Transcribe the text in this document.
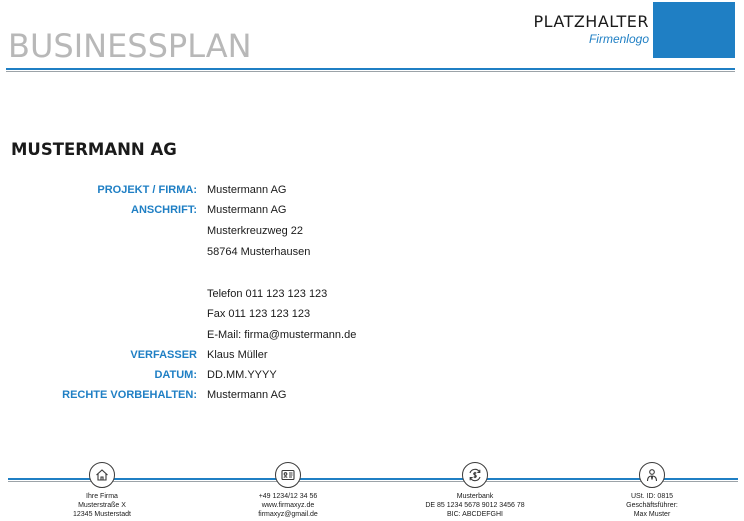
BUSINESSPLAN
PLATZHALTER
Firmenlogo
MUSTERMANN AG
PROJEKT / FIRMA: Mustermann AG
ANSCHRIFT: Mustermann AG
Musterkreuzweg 22
58764 Musterhausen
Telefon 011 123 123 123
Fax 011 123 123 123
E-Mail: firma@mustermann.de
VERFASSER Klaus Müller
DATUM: DD.MM.YYYY
RECHTE VORBEHALTEN: Mustermann AG
Ihre Firma
Musterstraße X
12345 Musterstadt
+49 1234/12 34 56
www.firmaxyz.de
firmaxyz@gmail.de
Musterbank
DE 85 1234 5678 9012 3456 78
BIC: ABCDEFGHI
USt. ID: 0815
Geschäftsführer:
Max Muster
